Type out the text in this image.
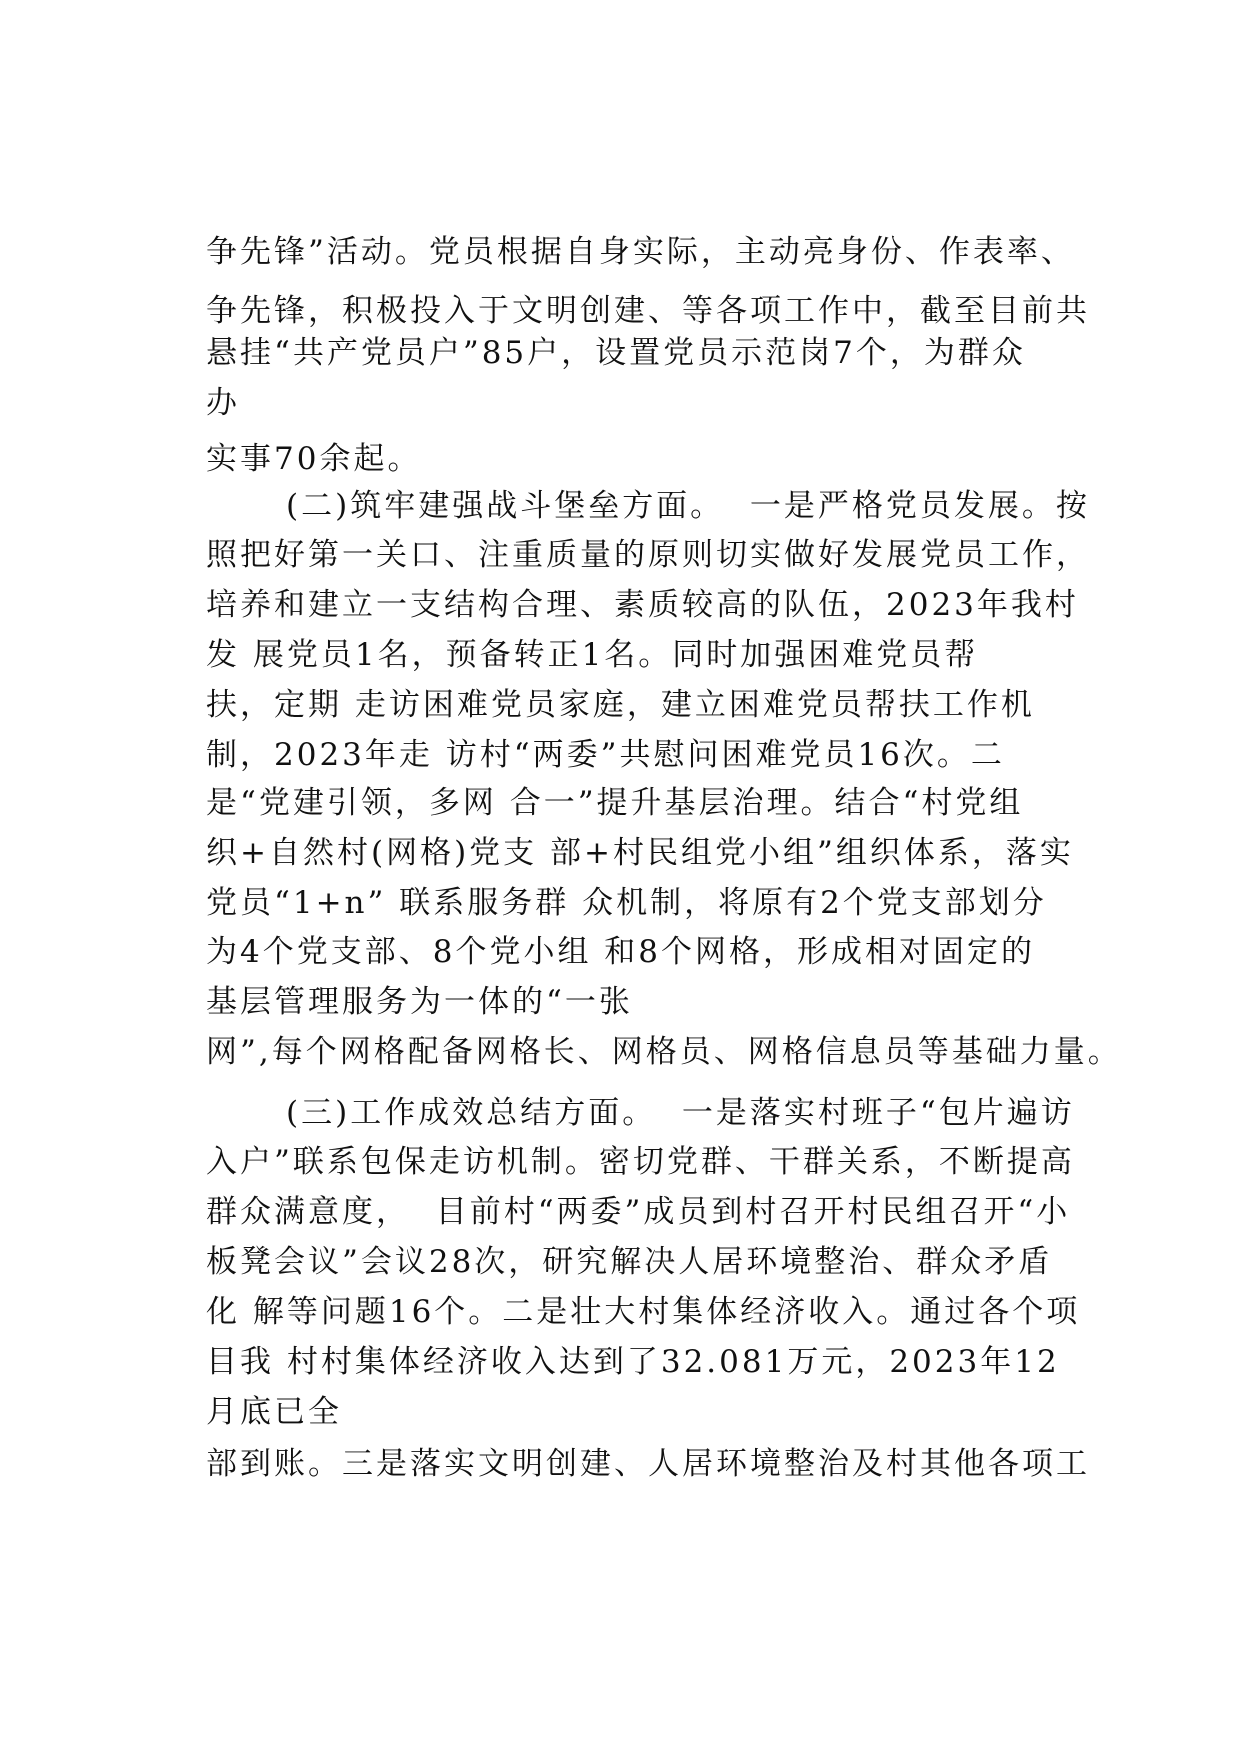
争先锋”活动。党员根据自身实际，主动亮身份、作表率、
争先锋，积极投入于文明创建、等各项工作中，截至目前共
悬挂“共产党员户”85户，设置党员示范岗7个，为群众
办
实事70余起。
(二)筑牢建强战斗堡垒方面。  一是严格党员发展。按
照把好第一关口、注重质量的原则切实做好发展党员工作，
培养和建立一支结构合理、素质较高的队伍，2023年我村
发 展党员1名，预备转正1名。同时加强困难党员帮
扶，定期 走访困难党员家庭，建立困难党员帮扶工作机
制，2023年走 访村“两委”共慰问困难党员16次。二
是“党建引领，多网 合一”提升基层治理。结合“村党组
织+自然村(网格)党支 部+村民组党小组”组织体系，落实
党员“1+n” 联系服务群 众机制，将原有2个党支部划分
为4个党支部、8个党小组 和8个网格，形成相对固定的
基层管理服务为一体的“一张
网”,每个网格配备网格长、网格员、网格信息员等基础力量。
(三)工作成效总结方面。  一是落实村班子“包片遍访
入户”联系包保走访机制。密切党群、干群关系，不断提高
群众满意度，  目前村“两委”成员到村召开村民组召开“小
板凳会议”会议28次，研究解决人居环境整治、群众矛盾
化 解等问题16个。二是壮大村集体经济收入。通过各个项
目我 村村集体经济收入达到了32.081万元，2023年12
月底已全
部到账。三是落实文明创建、人居环境整治及村其他各项工
